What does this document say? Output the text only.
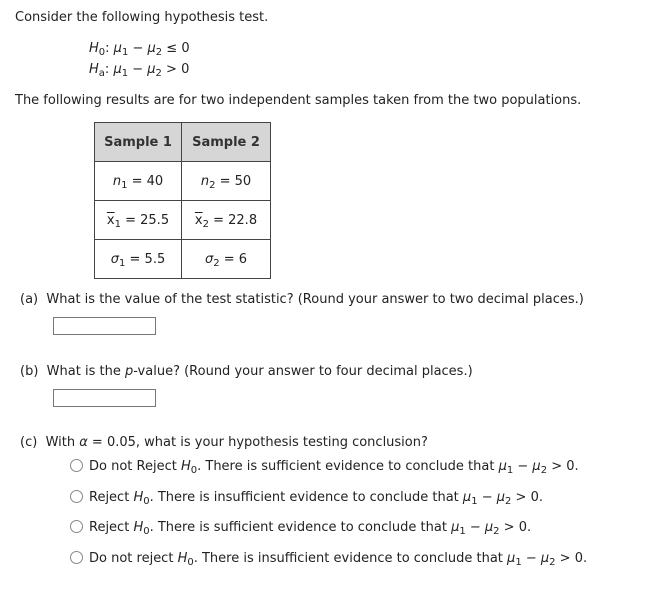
Consider the following hypothesis test.
$H_0$: $\mu_1 - \mu_2 \le 0$
$H_a$: $\mu_1 - \mu_2 > 0$
The following results are for two independent samples taken from the two populations.
Sample 1	Sample 2
$n_1 = 40$	$n_2 = 50$
$\overline{x}_1 = 25.5$	$\overline{x}_2 = 22.8$
$\sigma_1 = 5.5$	$\sigma_2 = 6$
(a) What is the value of the test statistic? (Round your answer to two decimal places.)
(b) What is the p-value? (Round your answer to four decimal places.)
(c) With α = 0.05, what is your hypothesis testing conclusion?
Do not Reject $H_0$. There is sufficient evidence to conclude that $\mu_1 - \mu_2 > 0$.
Reject $H_0$. There is insufficient evidence to conclude that $\mu_1 - \mu_2 > 0$.
Reject $H_0$. There is sufficient evidence to conclude that $\mu_1 - \mu_2 > 0$.
Do not reject $H_0$. There is insufficient evidence to conclude that $\mu_1 - \mu_2 > 0$.
